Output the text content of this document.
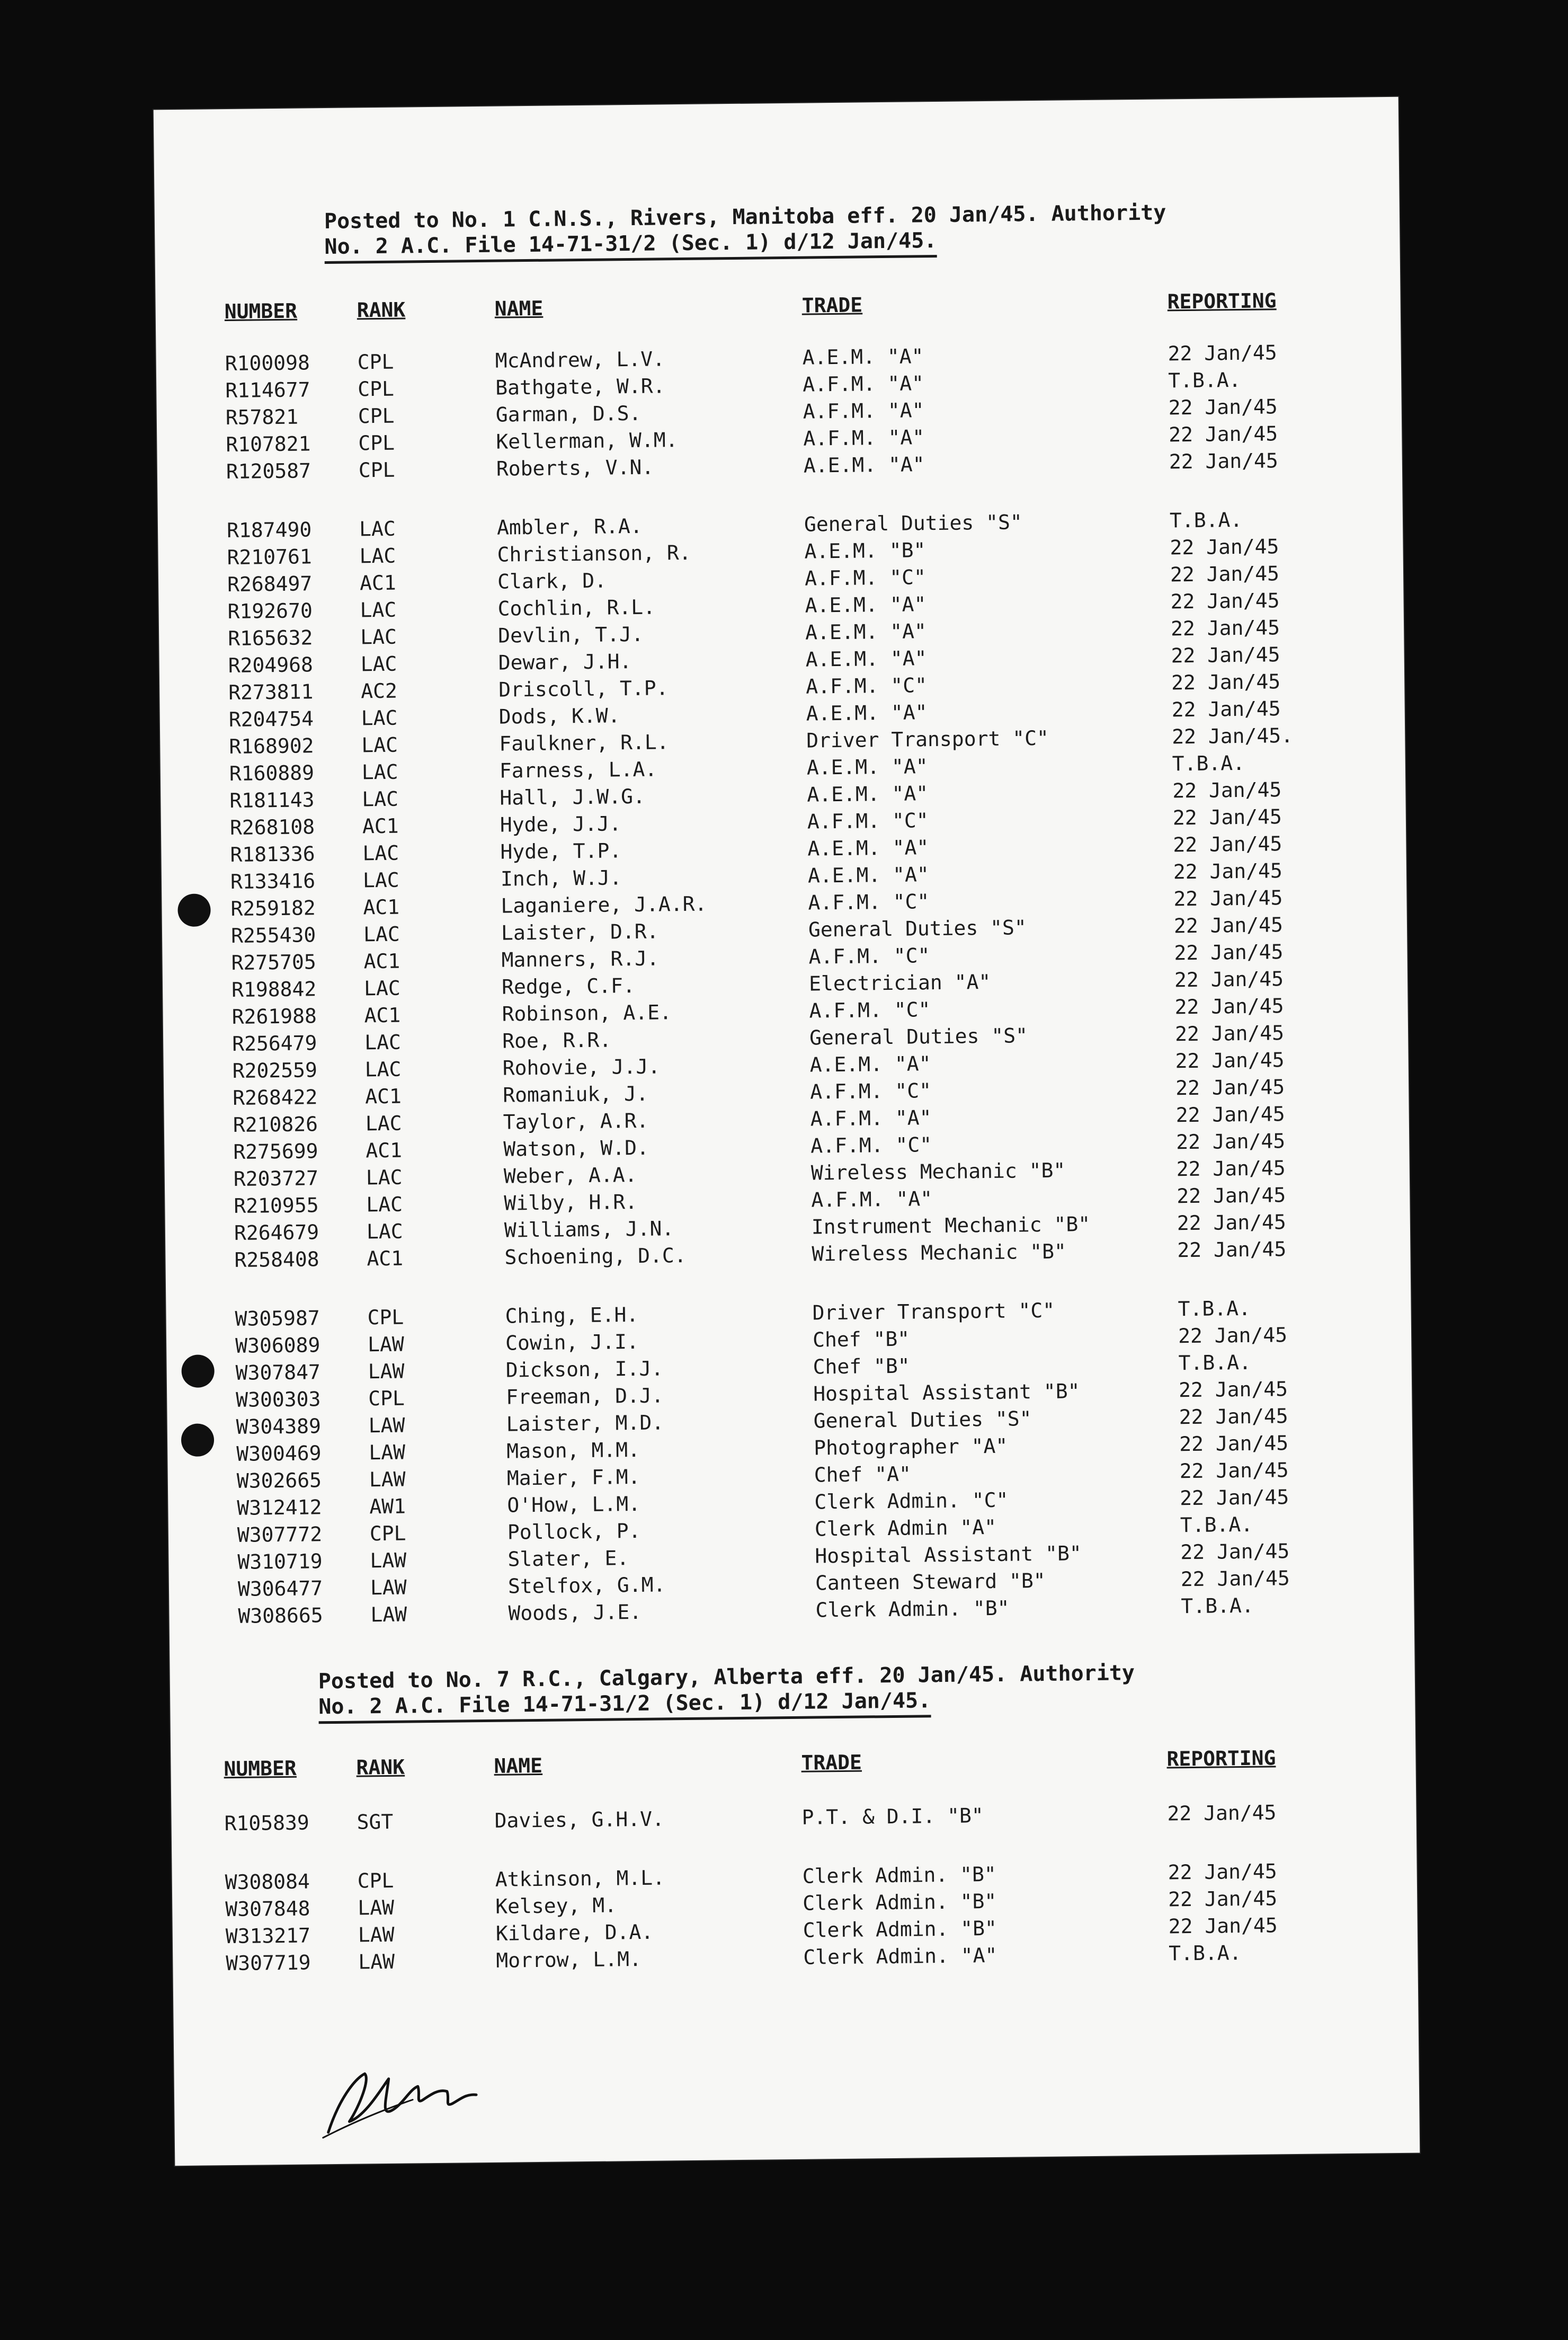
Posted to No. 1 C.N.S., Rivers, Manitoba eff. 20 Jan/45. Authority
No. 2 A.C. File 14-71-31/2 (Sec. 1) d/12 Jan/45.
NUMBER	RANK	NAME	TRADE	REPORTING
R100098 CPL	McAndrew, L.V.	A.E.M. "A"	22 Jan/45
R114677 CPL	Bathgate, W.R.	A.F.M. "A"	T.B.A.
R57821	CPL	Garman, D.S.	A.F.M. "A"	22 Jan/45
R107821 CPL	Kellerman, W.M.	A.F.M. "A"	22 Jan/45
R120587 CPL	Roberts, V.N.	A.E.M. "A"	22 Jan/45
R187490 LAC	Ambler, R.A.	General Duties "S"	T.B.A.
R210761 LAC	Christianson, R.	A.E.M. "B"	22 Jan/45
R268497 AC1	Clark, D.	A.F.M. "C"	22 Jan/45
R192670 LAC	Cochlin, R.L.	A.E.M. "A"	22 Jan/45
R165632 LAC	Devlin, T.J.	A.E.M. "A"	22 Jan/45
R204968 LAC	Dewar, J.H.	A.E.M. "A"	22 Jan/45
R273811 AC2	Driscoll, T.P.	A.F.M. "C"	22 Jan/45
R204754 LAC	Dods, K.W.	A.E.M. "A"	22 Jan/45
R168902 LAC	Faulkner, R.L.	Driver Transport "C"	22 Jan/45.
R160889 LAC	Farness, L.A.	A.E.M. "A"	T.B.A.
R181143 LAC	Hall, J.W.G.	A.E.M. "A"	22 Jan/45
R268108 AC1	Hyde, J.J.	A.F.M. "C"	22 Jan/45
R181336 LAC	Hyde, T.P.	A.E.M. "A"	22 Jan/45
R133416 LAC	Inch, W.J.	A.E.M. "A"	22 Jan/45
R259182 AC1	Laganiere, J.A.R.	A.F.M. "C"	22 Jan/45
R255430 LAC	Laister, D.R.	General Duties "S"	22 Jan/45
R275705 AC1	Manners, R.J.	A.F.M. "C"	22 Jan/45
R198842 LAC	Redge, C.F.	Electrician "A"	22 Jan/45
R261988 AC1	Robinson, A.E.	A.F.M. "C"	22 Jan/45
R256479 LAC	Roe, R.R.	General Duties "S"	22 Jan/45
R202559 LAC	Rohovie, J.J.	A.E.M. "A"	22 Jan/45
R268422 AC1	Romaniuk, J.	A.F.M. "C"	22 Jan/45
R210826 LAC	Taylor, A.R.	A.F.M. "A"	22 Jan/45
R275699 AC1	Watson, W.D.	A.F.M. "C"	22 Jan/45
R203727 LAC	Weber, A.A.	Wireless Mechanic "B"	22 Jan/45
R210955 LAC	Wilby, H.R.	A.F.M. "A"	22 Jan/45
R264679 LAC	Williams, J.N.	Instrument Mechanic "B"	22 Jan/45
R258408 AC1	Schoening, D.C.	Wireless Mechanic "B"	22 Jan/45
W305987 CPL	Ching, E.H.	Driver Transport "C"	T.B.A.
W306089 LAW	Cowin, J.I.	Chef "B"	22 Jan/45
W307847 LAW	Dickson, I.J.	Chef "B"	T.B.A.
W300303 CPL	Freeman, D.J.	Hospital Assistant "B"	22 Jan/45
W304389 LAW	Laister, M.D.	General Duties "S"	22 Jan/45
W300469 LAW	Mason, M.M.	Photographer "A"	22 Jan/45
W302665 LAW	Maier, F.M.	Chef "A"	22 Jan/45
W312412 AW1	O'How, L.M.	Clerk Admin. "C"	22 Jan/45
W307772 CPL	Pollock, P.	Clerk Admin "A"	T.B.A.
W310719 LAW	Slater, E.	Hospital Assistant "B"	22 Jan/45
W306477 LAW	Stelfox, G.M.	Canteen Steward "B"	22 Jan/45
W308665 LAW	Woods, J.E.	Clerk Admin. "B"	T.B.A.
Posted to No. 7 R.C., Calgary, Alberta eff. 20 Jan/45. Authority
No. 2 A.C. File 14-71-31/2 (Sec. 1) d/12 Jan/45.
NUMBER	RANK	NAME	TRADE	REPORTING
R105839 SGT	Davies, G.H.V.	P.T. & D.I. "B"	22 Jan/45
W308084 CPL	Atkinson, M.L.	Clerk Admin. "B"	22 Jan/45
W307848 LAW	Kelsey, M.	Clerk Admin. "B"	22 Jan/45
W313217 LAW	Kildare, D.A.	Clerk Admin. "B"	22 Jan/45
W307719 LAW	Morrow, L.M.	Clerk Admin. "A"	T.B.A.
